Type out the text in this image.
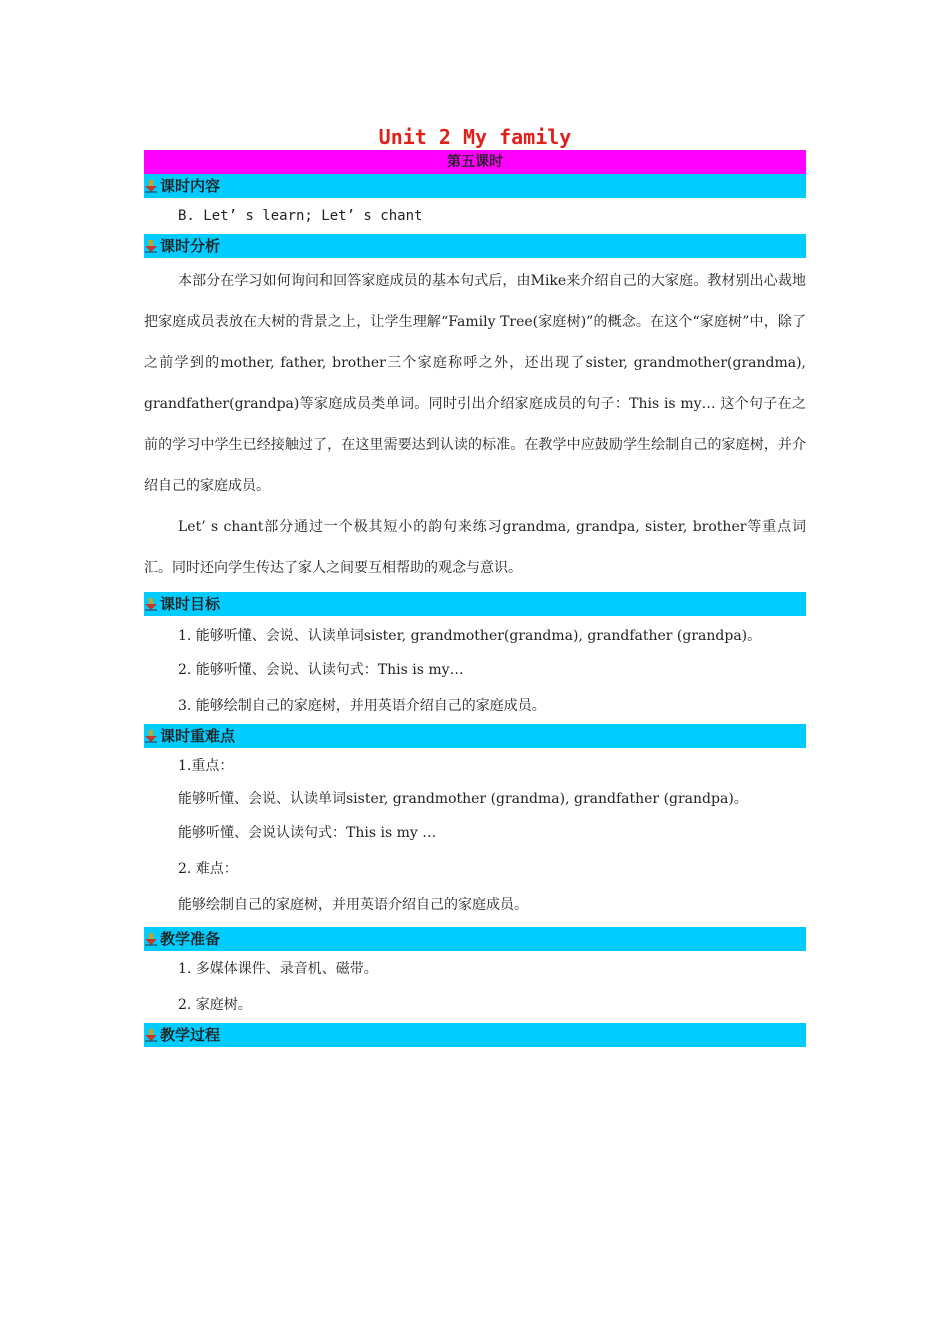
Unit 2 My family
第五课时
课时内容

B. Let’ s learn; Let’ s chant

课时分析

本部分在学习如何询问和回答家庭成员的基本句式后，由Mike来介绍自己的大家庭。教材别出心裁地把家庭成员表放在大树的背景之上，让学生理解“Family Tree(家庭树)”的概念。在这个“家庭树”中，除了之前学到的mother, father, brother三个家庭称呼之外，还出现了sister, grandmother(grandma), grandfather(grandpa)等家庭成员类单词。同时引出介绍家庭成员的句子：This is my… 这个句子在之前的学习中学生已经接触过了，在这里需要达到认读的标准。在教学中应鼓励学生绘制自己的家庭树，并介绍自己的家庭成员。

Let’ s chant部分通过一个极其短小的韵句来练习grandma, grandpa, sister, brother等重点词汇。同时还向学生传达了家人之间要互相帮助的观念与意识。

课时目标

1. 能够听懂、会说、认读单词sister, grandmother(grandma), grandfather (grandpa)。

2. 能够听懂、会说、认读句式：This is my…

3. 能够绘制自己的家庭树，并用英语介绍自己的家庭成员。

课时重难点

1.重点：

能够听懂、会说、认读单词sister, grandmother (grandma), grandfather (grandpa)。

能够听懂、会说认读句式：This is my …

2. 难点：

能够绘制自己的家庭树，并用英语介绍自己的家庭成员。

教学准备

1. 多媒体课件、录音机、磁带。

2. 家庭树。

教学过程
